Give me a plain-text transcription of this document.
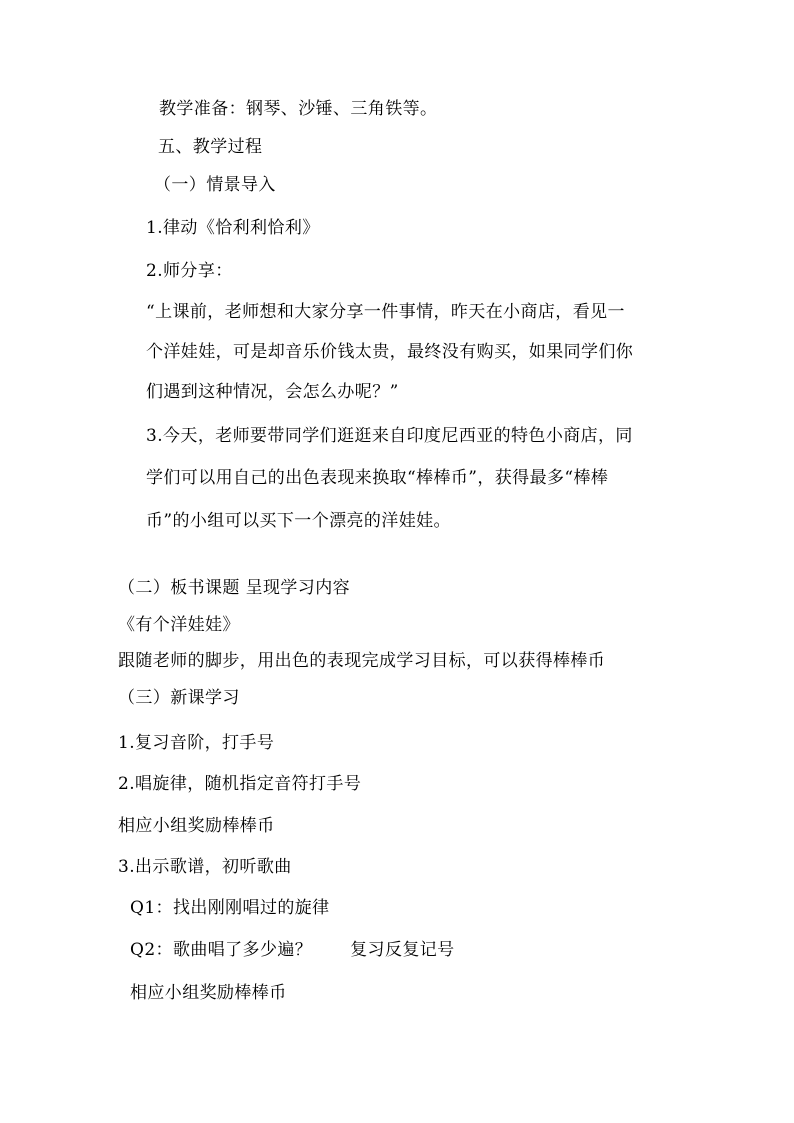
教学准备：钢琴、沙锤、三角铁等。
五、教学过程
（一）情景导入
1.律动《恰利利恰利》
2.师分享：
“上课前，老师想和大家分享一件事情，昨天在小商店，看见一
个洋娃娃，可是却音乐价钱太贵，最终没有购买，如果同学们你
们遇到这种情况，会怎么办呢？”
3.今天，老师要带同学们逛逛来自印度尼西亚的特色小商店，同
学们可以用自己的出色表现来换取“棒棒币”，获得最多“棒棒
币”的小组可以买下一个漂亮的洋娃娃。
（二）板书课题 呈现学习内容
《有个洋娃娃》
跟随老师的脚步，用出色的表现完成学习目标，可以获得棒棒币
（三）新课学习
1.复习音阶，打手号
2.唱旋律，随机指定音符打手号
相应小组奖励棒棒币
3.出示歌谱，初听歌曲
Q1：找出刚刚唱过的旋律
Q2：歌曲唱了多少遍？ 复习反复记号
相应小组奖励棒棒币
